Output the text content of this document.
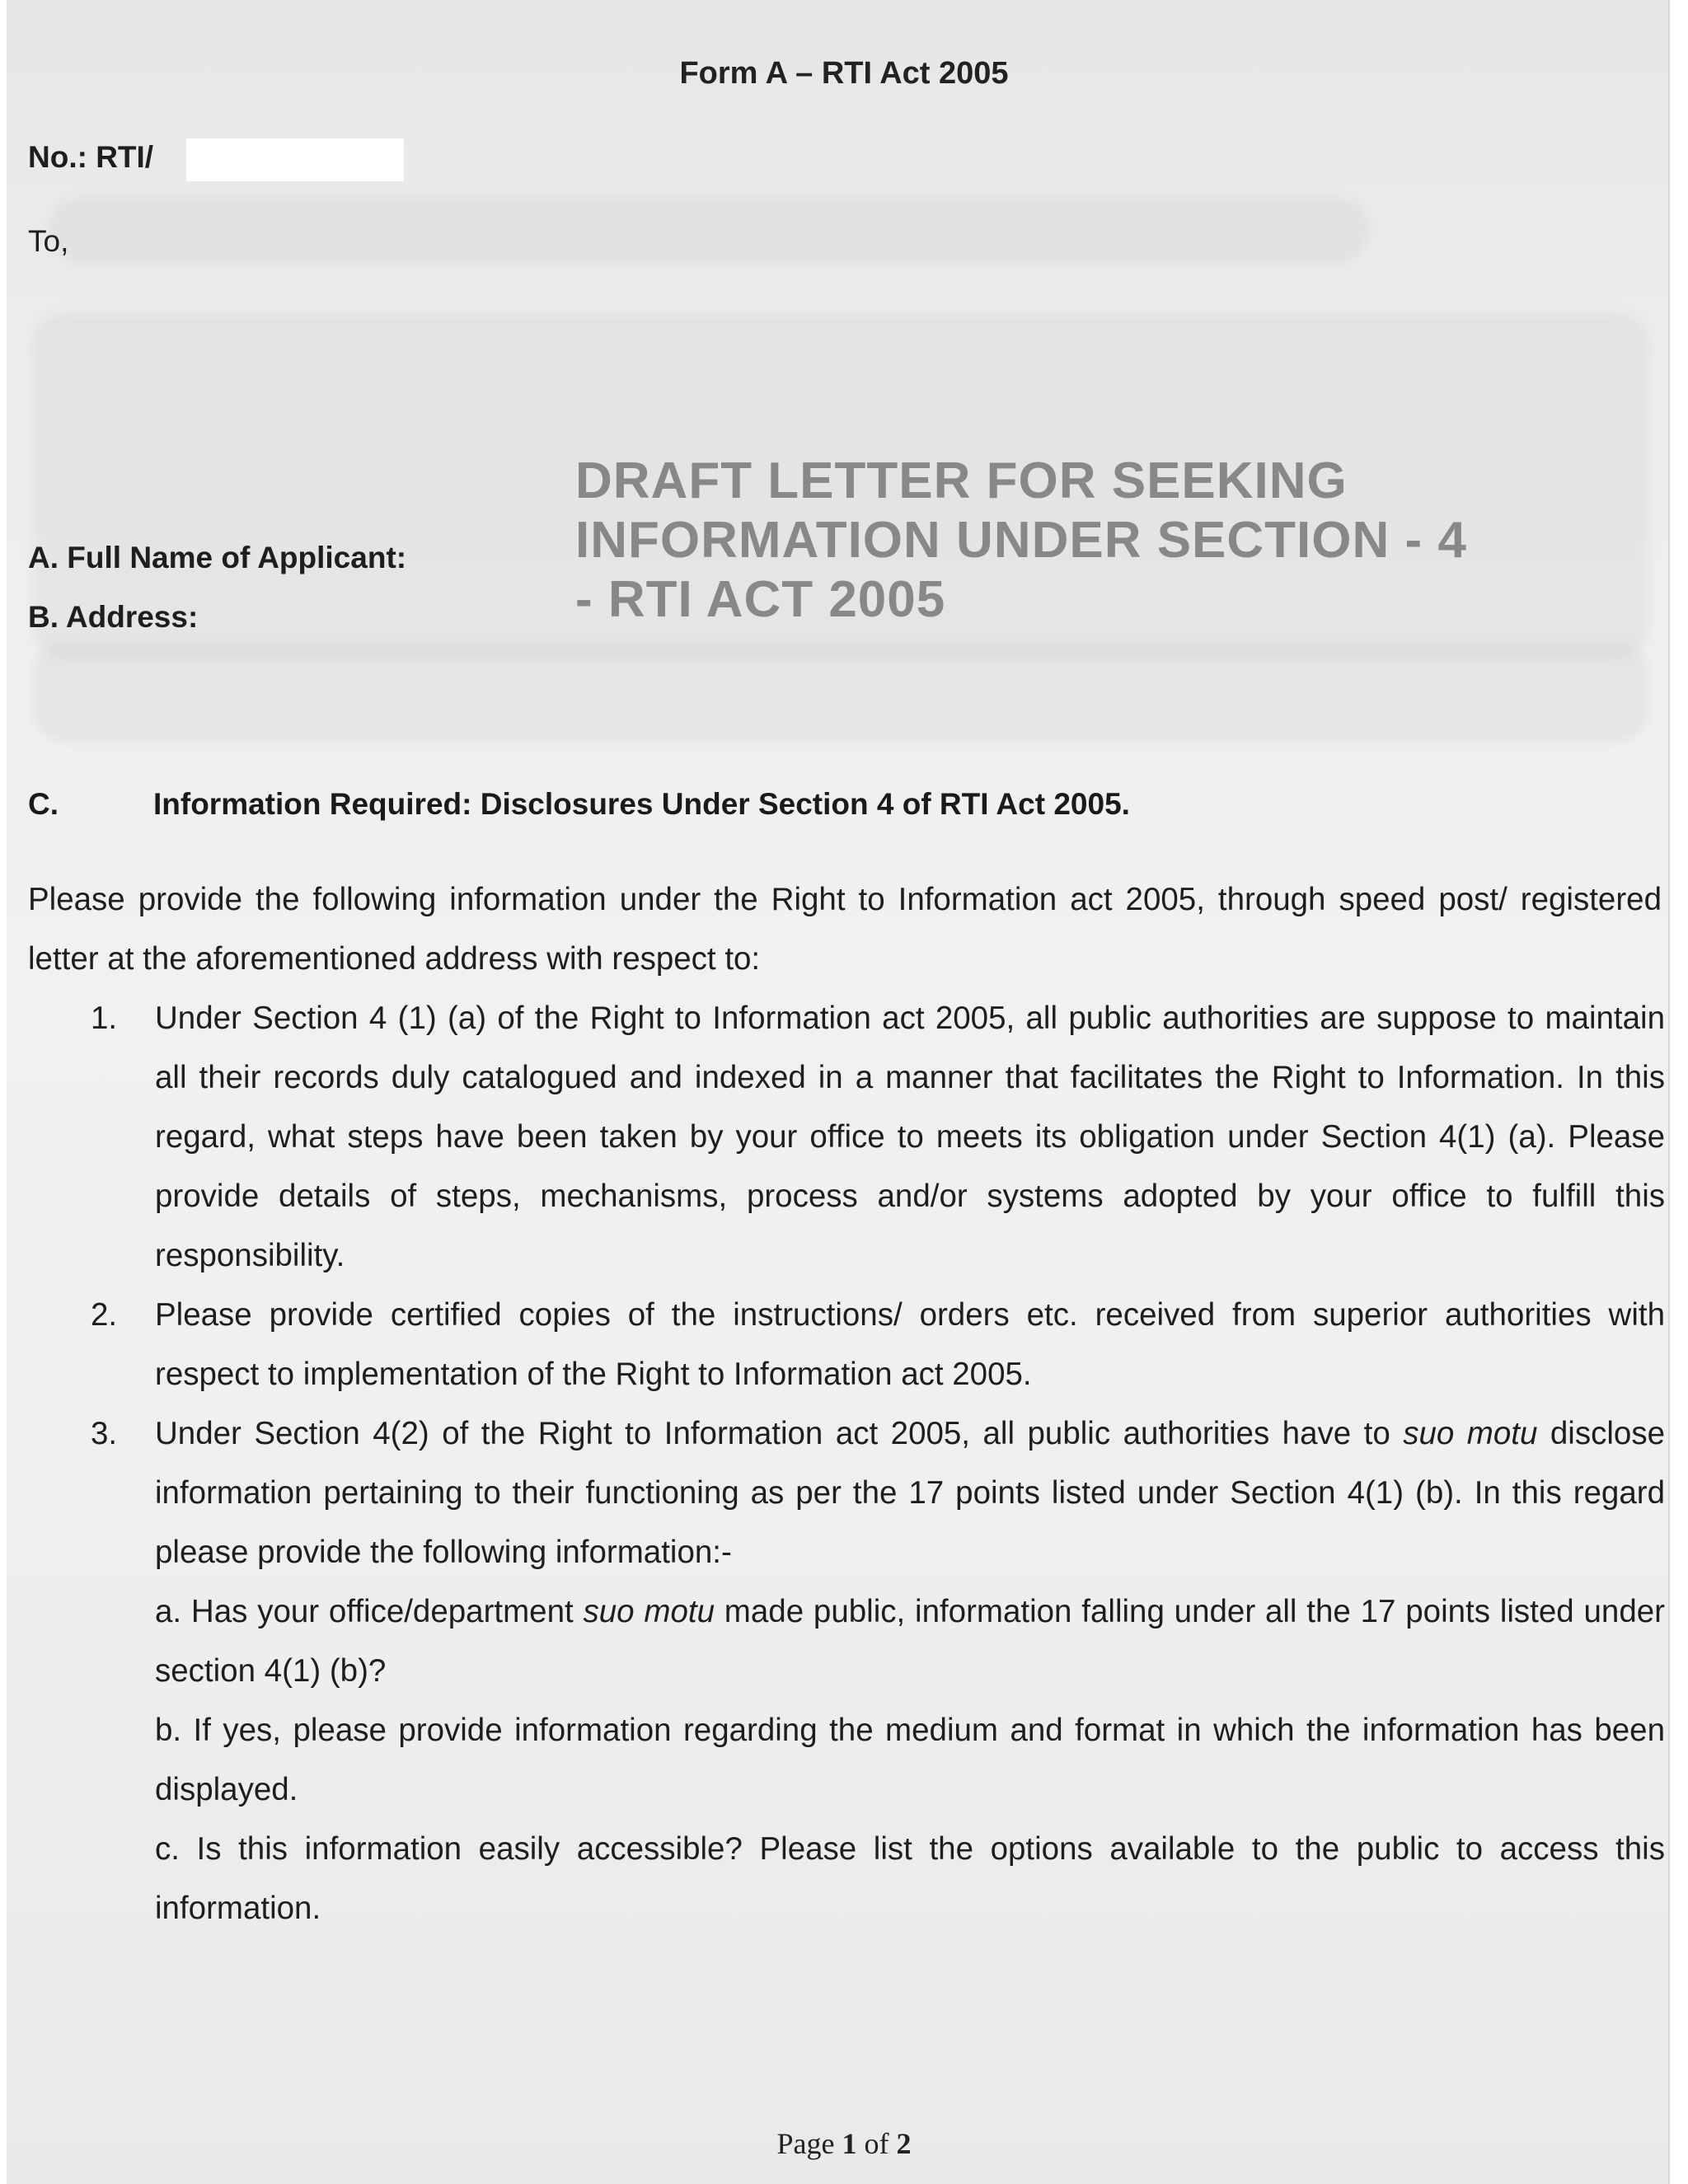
Form A – RTI Act 2005
No.: RTI/
To,
DRAFT LETTER FOR SEEKING
INFORMATION UNDER SECTION - 4
- RTI ACT 2005
A. Full Name of Applicant:
B. Address:
C.	Information Required: Disclosures Under Section 4 of RTI Act 2005.
Please provide the following information under the Right to Information act 2005, through speed post/ registered letter at the aforementioned address with respect to:
1. Under Section 4 (1) (a) of the Right to Information act 2005, all public authorities are suppose to maintain all their records duly catalogued and indexed in a manner that facilitates the Right to Information. In this regard, what steps have been taken by your office to meets its obligation under Section 4(1) (a). Please provide details of steps, mechanisms, process and/or systems adopted by your office to fulfill this responsibility.
2. Please provide certified copies of the instructions/ orders etc. received from superior authorities with respect to implementation of the Right to Information act 2005.
3. Under Section 4(2) of the Right to Information act 2005, all public authorities have to suo motu disclose information pertaining to their functioning as per the 17 points listed under Section 4(1) (b). In this regard please provide the following information:-
a. Has your office/department suo motu made public, information falling under all the 17 points listed under section 4(1) (b)?
b. If yes, please provide information regarding the medium and format in which the information has been displayed.
c. Is this information easily accessible? Please list the options available to the public to access this information.
Page 1 of 2
